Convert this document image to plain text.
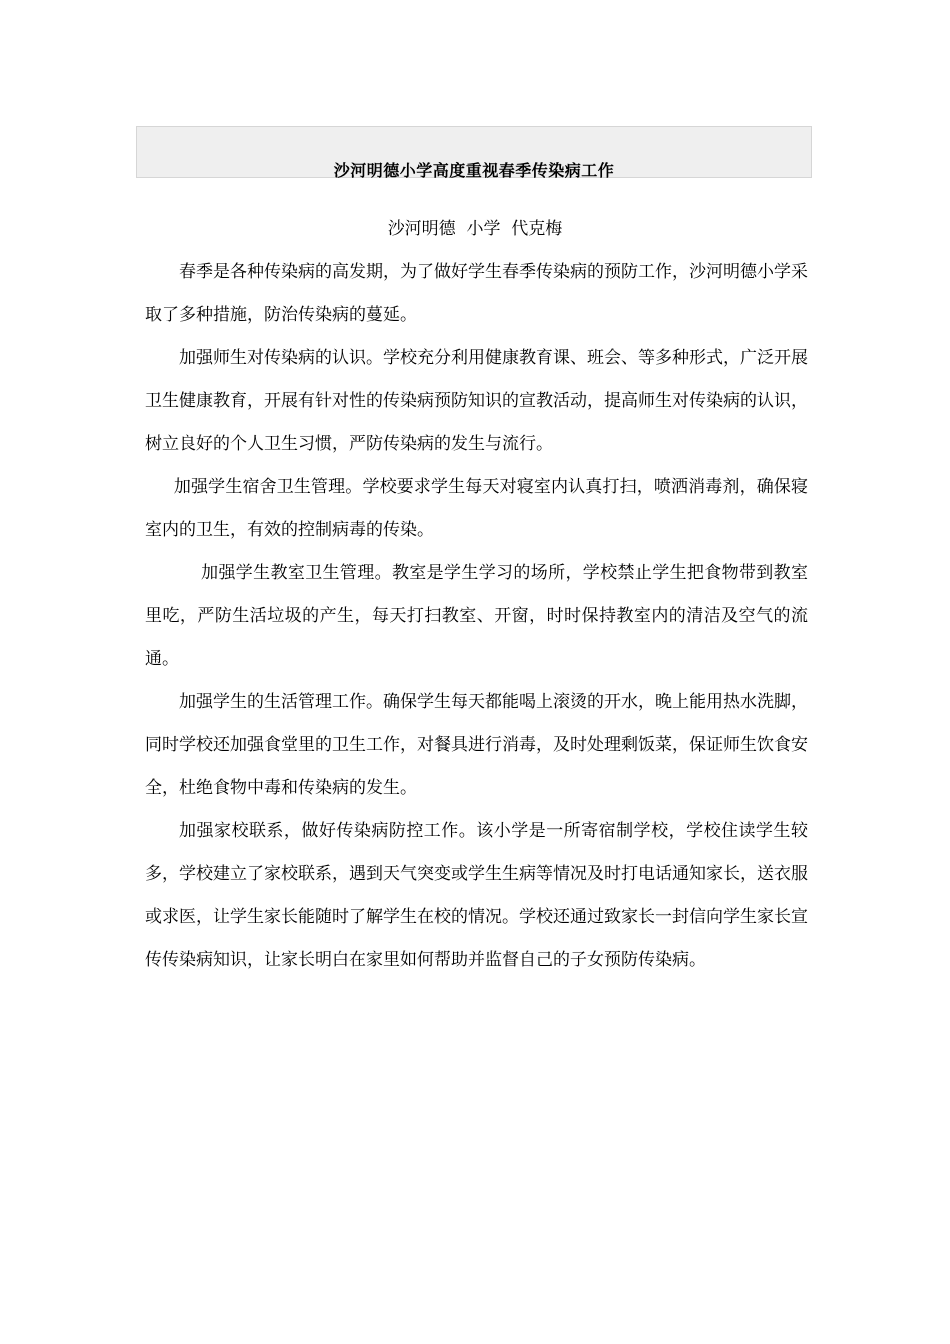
沙河明德小学高度重视春季传染病工作
沙河明德  小学  代克梅

春季是各种传染病的高发期，为了做好学生春季传染病的预防工作，沙河明德小学采取了多种措施，防治传染病的蔓延。

加强师生对传染病的认识。学校充分利用健康教育课、班会、等多种形式，广泛开展卫生健康教育，开展有针对性的传染病预防知识的宣教活动，提高师生对传染病的认识，树立良好的个人卫生习惯，严防传染病的发生与流行。

加强学生宿舍卫生管理。学校要求学生每天对寝室内认真打扫，喷洒消毒剂，确保寝室内的卫生，有效的控制病毒的传染。

加强学生教室卫生管理。教室是学生学习的场所，学校禁止学生把食物带到教室里吃，严防生活垃圾的产生，每天打扫教室、开窗，时时保持教室内的清洁及空气的流通。

加强学生的生活管理工作。确保学生每天都能喝上滚烫的开水，晚上能用热水洗脚，同时学校还加强食堂里的卫生工作，对餐具进行消毒，及时处理剩饭菜，保证师生饮食安全，杜绝食物中毒和传染病的发生。

加强家校联系，做好传染病防控工作。该小学是一所寄宿制学校，学校住读学生较多，学校建立了家校联系，遇到天气突变或学生生病等情况及时打电话通知家长，送衣服或求医，让学生家长能随时了解学生在校的情况。学校还通过致家长一封信向学生家长宣传传染病知识，让家长明白在家里如何帮助并监督自己的子女预防传染病。
